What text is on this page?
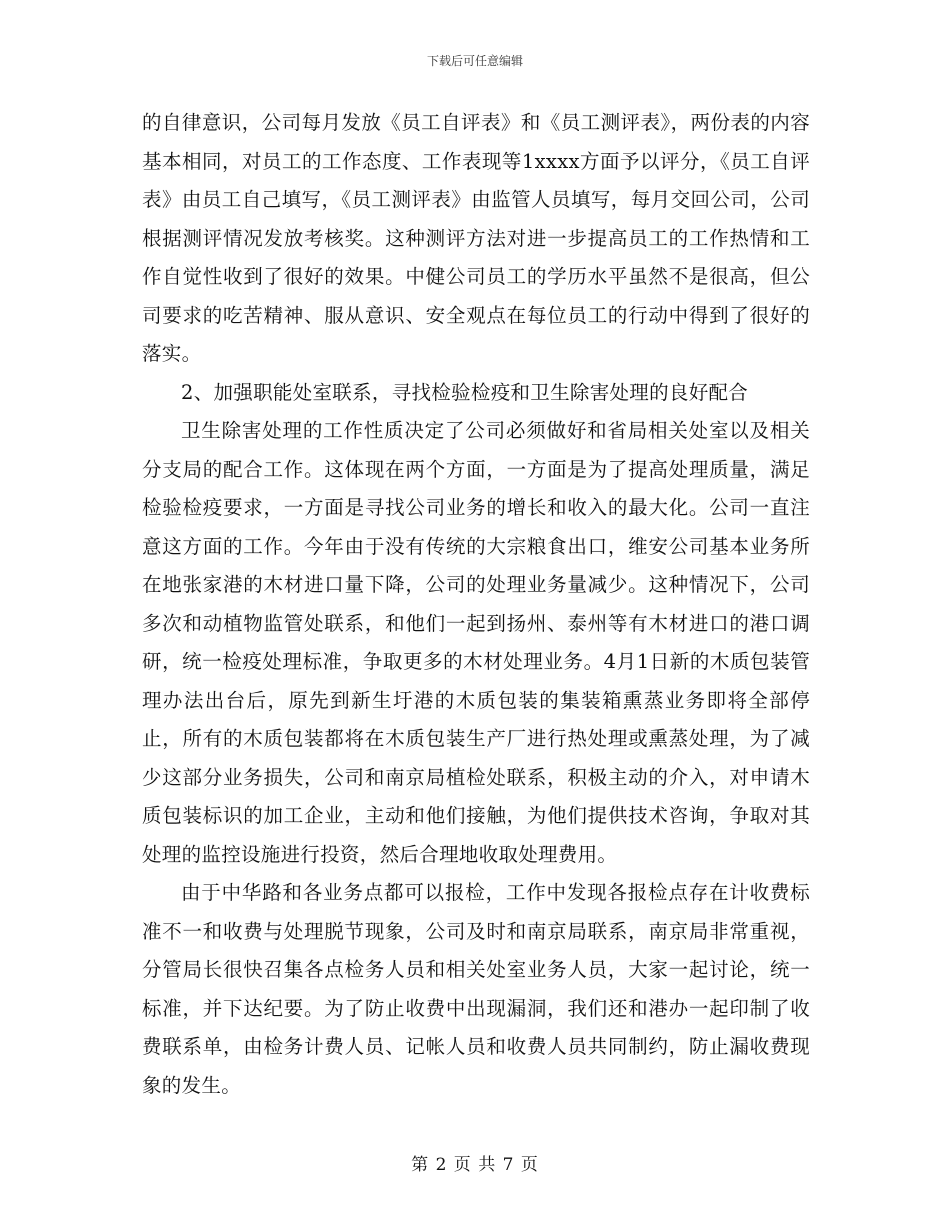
下载后可任意编辑

的自律意识，公司每月发放《员工自评表》和《员工测评表》，两份表的内容基本相同，对员工的工作态度、工作表现等1xxxx方面予以评分，《员工自评表》由员工自己填写，《员工测评表》由监管人员填写，每月交回公司，公司根据测评情况发放考核奖。这种测评方法对进一步提高员工的工作热情和工作自觉性收到了很好的效果。中健公司员工的学历水平虽然不是很高，但公司要求的吃苦精神、服从意识、安全观点在每位员工的行动中得到了很好的落实。

2、加强职能处室联系，寻找检验检疫和卫生除害处理的良好配合

卫生除害处理的工作性质决定了公司必须做好和省局相关处室以及相关分支局的配合工作。这体现在两个方面，一方面是为了提高处理质量，满足检验检疫要求，一方面是寻找公司业务的增长和收入的最大化。公司一直注意这方面的工作。今年由于没有传统的大宗粮食出口，维安公司基本业务所在地张家港的木材进口量下降，公司的处理业务量减少。这种情况下，公司多次和动植物监管处联系，和他们一起到扬州、泰州等有木材进口的港口调研，统一检疫处理标准，争取更多的木材处理业务。4月1日新的木质包装管理办法出台后，原先到新生圩港的木质包装的集装箱熏蒸业务即将全部停止，所有的木质包装都将在木质包装生产厂进行热处理或熏蒸处理，为了减少这部分业务损失，公司和南京局植检处联系，积极主动的介入，对申请木质包装标识的加工企业，主动和他们接触，为他们提供技术咨询，争取对其处理的监控设施进行投资，然后合理地收取处理费用。

由于中华路和各业务点都可以报检，工作中发现各报检点存在计收费标准不一和收费与处理脱节现象，公司及时和南京局联系，南京局非常重视，分管局长很快召集各点检务人员和相关处室业务人员，大家一起讨论，统一标准，并下达纪要。为了防止收费中出现漏洞，我们还和港办一起印制了收费联系单，由检务计费人员、记帐人员和收费人员共同制约，防止漏收费现象的发生。

第 2 页 共 7 页
